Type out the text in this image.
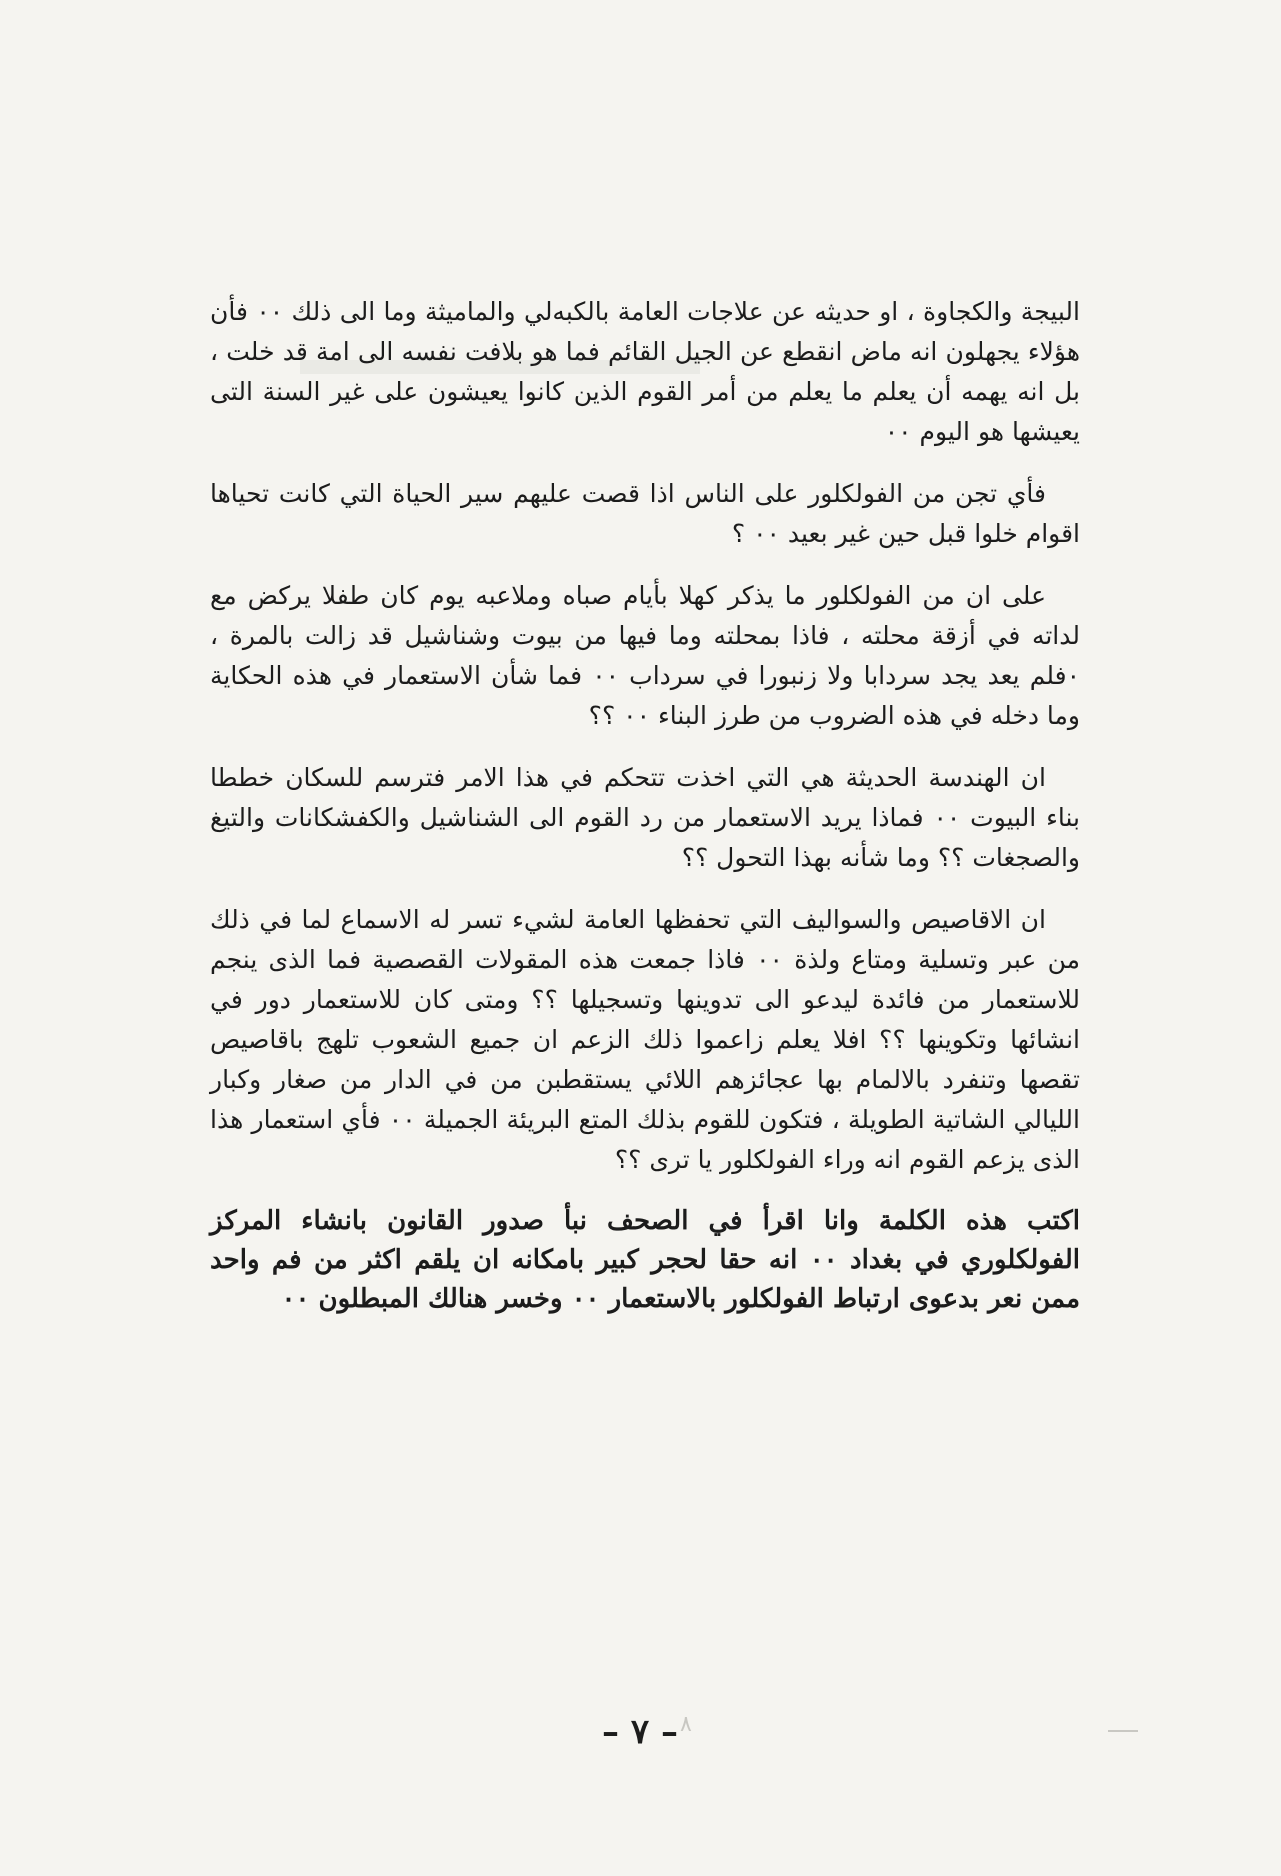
البيجة والكجاوة ، او حديثه عن علاجات العامة بالكبه‌لي والماميثة وما الى ذلك ٠٠ فأن هؤلاء يجهلون انه ماض انقطع عن الجيل القائم فما هو بلافت نفسه الى امة قد خلت ، بل انه يهمه أن يعلم ما يعلم من أمر القوم الذين كانوا يعيشون على غير السنة التى يعيشها هو اليوم ٠٠

فأي تجن من الفولكلور على الناس اذا قصت عليهم سير الحياة التي كانت تحياها اقوام خلوا قبل حين غير بعيد ٠٠ ؟

على ان من الفولكلور ما يذكر كهلا بأيام صباه وملاعبه يوم كان طفلا يركض مع لداته في أزقة محلته ، فاذا بمحلته وما فيها من بيوت وشناشيل قد زالت بالمرة ، ٠فلم يعد يجد سردابا ولا زنبورا في سرداب ٠٠ فما شأن الاستعمار في هذه الحكاية وما دخله في هذه الضروب من طرز البناء ٠٠ ؟؟

ان الهندسة الحديثة هي التي اخذت تتحكم في هذا الامر فترسم للسكان خططا بناء البيوت ٠٠ فماذا يريد الاستعمار من رد القوم الى الشناشيل والكفشكانات والتيغ والصجغات ؟؟ وما شأنه بهذا التحول ؟؟

ان الاقاصيص والسواليف التي تحفظها العامة لشيء تسر له الاسماع لما في ذلك من عبر وتسلية ومتاع ولذة ٠٠ فاذا جمعت هذه المقولات القصصية فما الذى ينجم للاستعمار من فائدة ليدعو الى تدوينها وتسجيلها ؟؟ ومتى كان للاستعمار دور في انشائها وتكوينها ؟؟ افلا يعلم زاعموا ذلك الزعم ان جميع الشعوب تلهج باقاصيص تقصها وتنفرد بالالمام بها عجائزهم اللائي يستقطبن من في الدار من صغار وكبار الليالي الشاتية الطويلة ، فتكون للقوم بذلك المتع البريئة الجميلة ٠٠ فأي استعمار هذا الذى يزعم القوم انه وراء الفولكلور يا ترى ؟؟

اكتب هذه الكلمة وانا اقرأ في الصحف نبأ صدور القانون بانشاء المركز الفولكلوري في بغداد ٠٠ انه حقا لحجر كبير بامكانه ان يلقم اكثر من فم واحد ممن نعر بدعوى ارتباط الفولكلور بالاستعمار ٠٠ وخسر هنالك المبطلون ٠٠

– ٧ – ٨
